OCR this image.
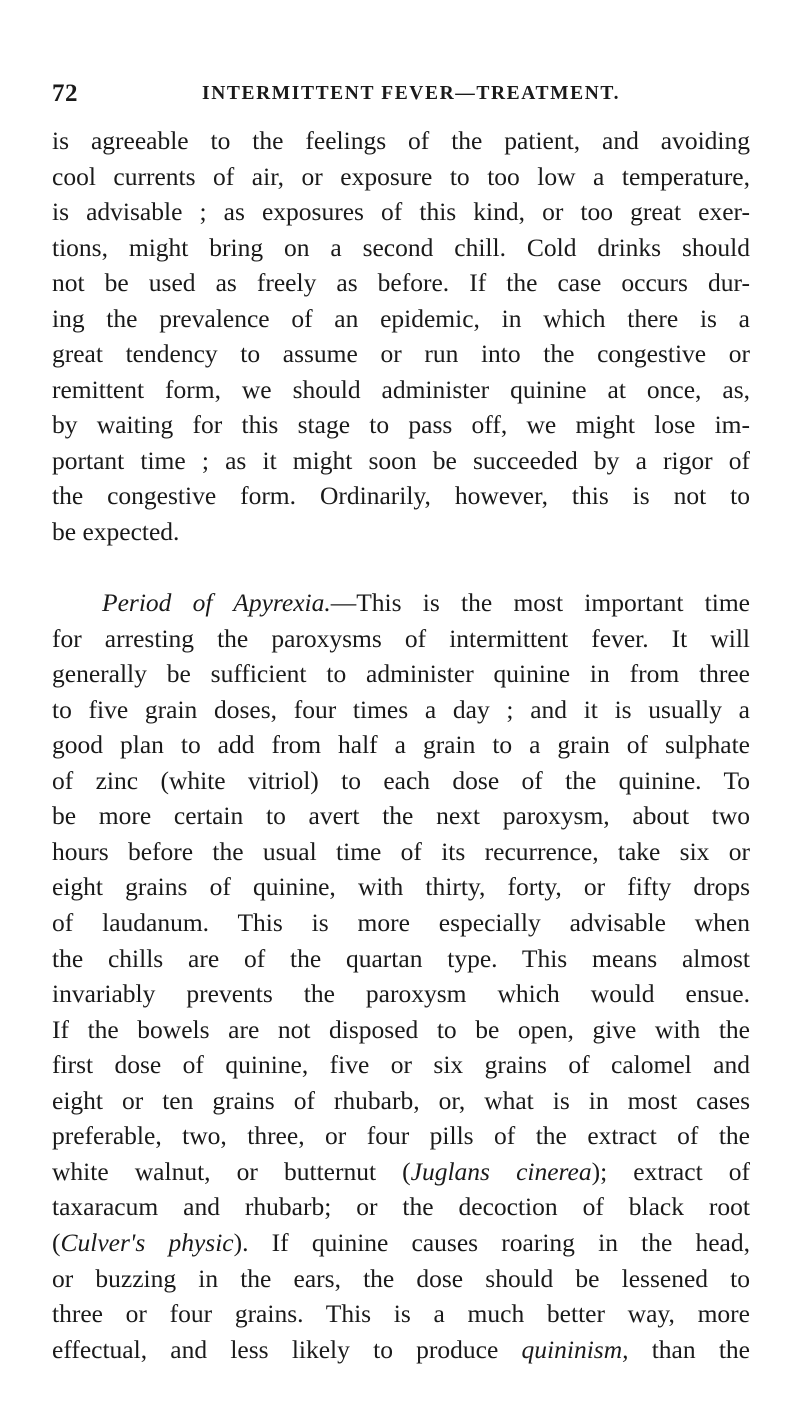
72	INTERMITTENT FEVER—TREATMENT.
is agreeable to the feelings of the patient, and avoiding
cool currents of air, or exposure to too low a temperature,
is advisable ; as exposures of this kind, or too great exer-
tions, might bring on a second chill. Cold drinks should
not be used as freely as before. If the case occurs dur-
ing the prevalence of an epidemic, in which there is a
great tendency to assume or run into the congestive or
remittent form, we should administer quinine at once, as,
by waiting for this stage to pass off, we might lose im-
portant time ; as it might soon be succeeded by a rigor of
the congestive form. Ordinarily, however, this is not to
be expected.
Period of Apyrexia.—This is the most important time
for arresting the paroxysms of intermittent fever. It will
generally be sufficient to administer quinine in from three
to five grain doses, four times a day ; and it is usually a
good plan to add from half a grain to a grain of sulphate
of zinc (white vitriol) to each dose of the quinine. To
be more certain to avert the next paroxysm, about two
hours before the usual time of its recurrence, take six or
eight grains of quinine, with thirty, forty, or fifty drops
of laudanum. This is more especially advisable when
the chills are of the quartan type. This means almost
invariably prevents the paroxysm which would ensue.
If the bowels are not disposed to be open, give with the
first dose of quinine, five or six grains of calomel and
eight or ten grains of rhubarb, or, what is in most cases
preferable, two, three, or four pills of the extract of the
white walnut, or butternut (Juglans cinerea); extract of
taxaracum and rhubarb; or the decoction of black root
(Culver's physic). If quinine causes roaring in the head,
or buzzing in the ears, the dose should be lessened to
three or four grains. This is a much better way, more
effectual, and less likely to produce quininism, than the
